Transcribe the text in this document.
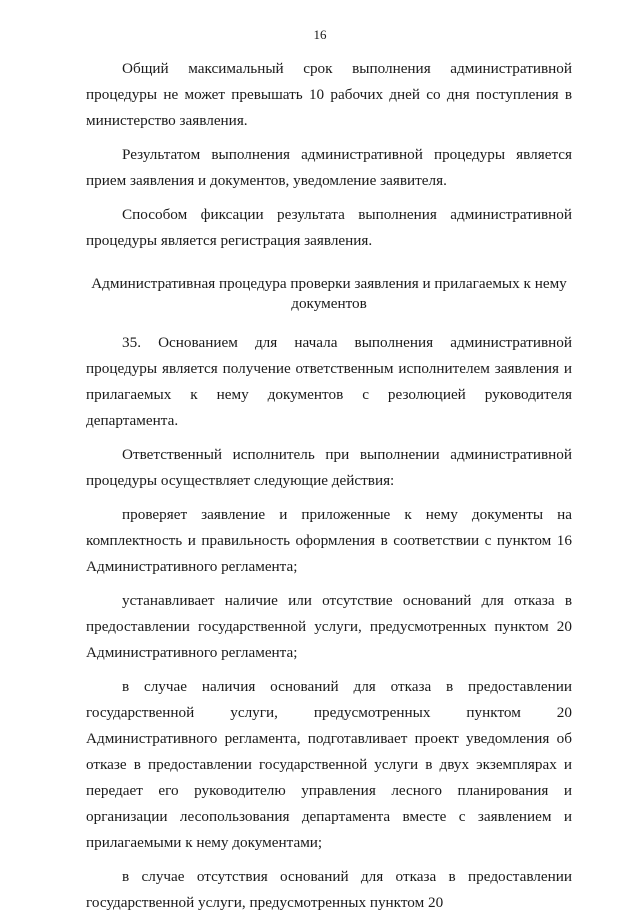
16

Общий максимальный срок выполнения административной процедуры не может превышать 10 рабочих дней со дня поступления в министерство заявления.

Результатом выполнения административной процедуры является прием заявления и документов, уведомление заявителя.

Способом фиксации результата выполнения административной процедуры является регистрация заявления.

Административная процедура проверки заявления и прилагаемых к нему
документов

35. Основанием для начала выполнения административной процедуры является получение ответственным исполнителем заявления и прилагаемых к нему документов с резолюцией руководителя департамента.

Ответственный исполнитель при выполнении административной процедуры осуществляет следующие действия:

проверяет заявление и приложенные к нему документы на комплектность и правильность оформления в соответствии с пунктом 16 Административного регламента;

устанавливает наличие или отсутствие оснований для отказа в предоставлении государственной услуги, предусмотренных пунктом 20 Административного регламента;

в случае наличия оснований для отказа в предоставлении государственной услуги, предусмотренных пунктом 20 Административного регламента, подготавливает проект уведомления об отказе в предоставлении государственной услуги в двух экземплярах и передает его руководителю управления лесного планирования и организации лесопользования департамента вместе с заявлением и прилагаемыми к нему документами;

в случае отсутствия оснований для отказа в предоставлении государственной услуги, предусмотренных пунктом 20
